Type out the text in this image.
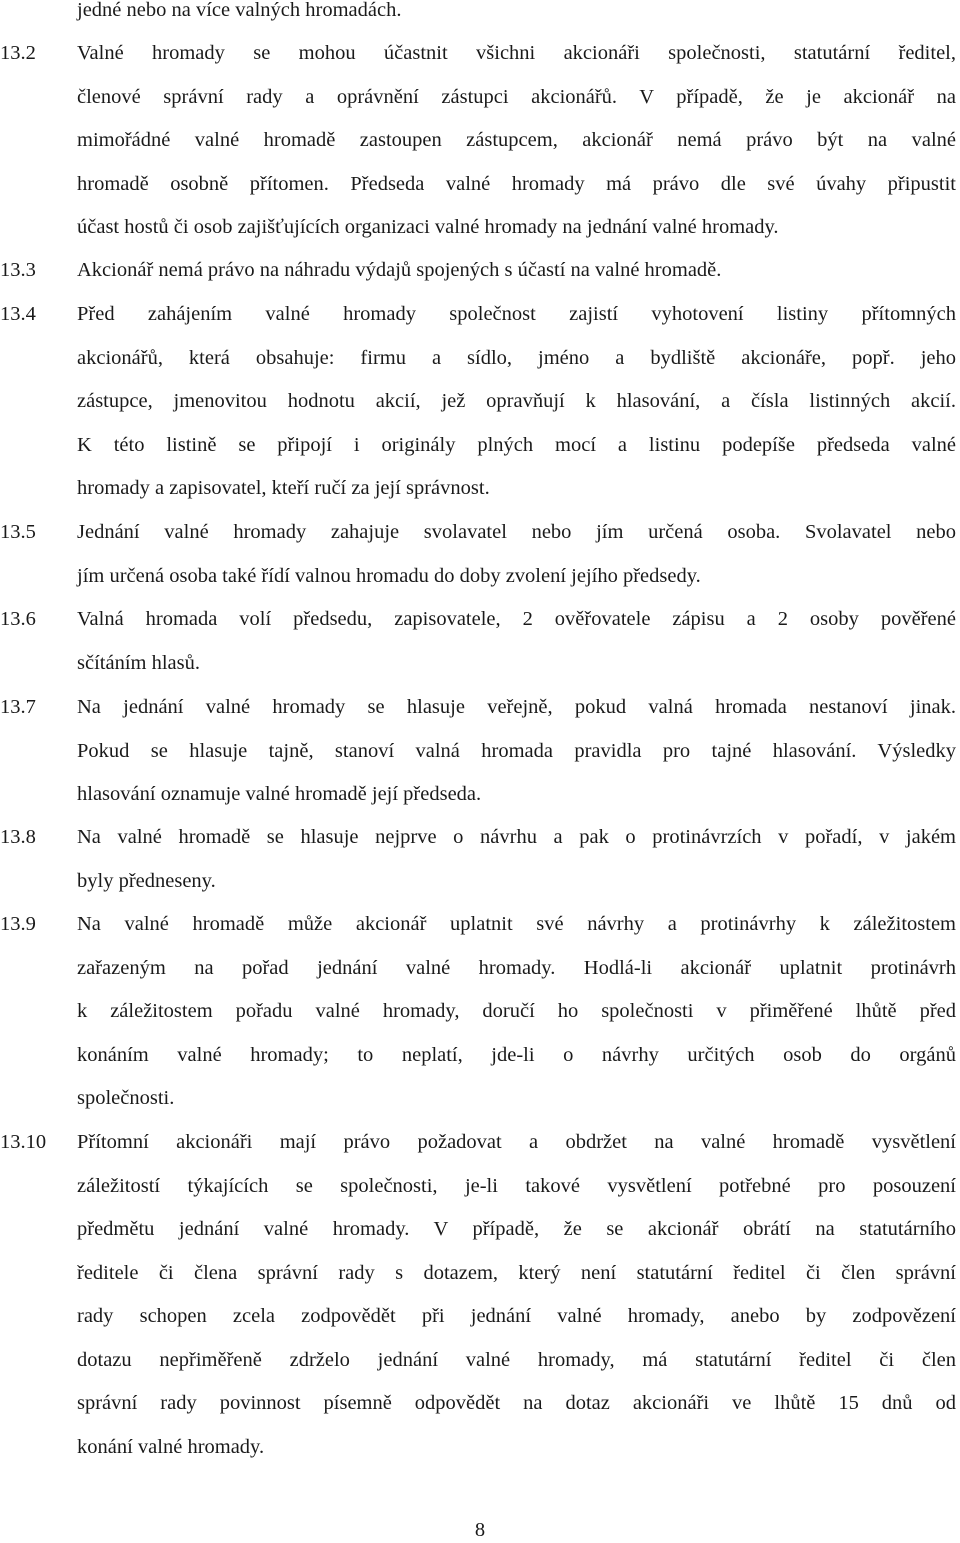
jedné nebo na více valných hromadách.
13.2 Valné hromady se mohou účastnit všichni akcionáři společnosti, statutární ředitel,
členové správní rady a oprávnění zástupci akcionářů. V případě, že je akcionář na
mimořádné valné hromadě zastoupen zástupcem, akcionář nemá právo být na valné
hromadě osobně přítomen. Předseda valné hromady má právo dle své úvahy připustit
účast hostů či osob zajišťujících organizaci valné hromady na jednání valné hromady.
13.3 Akcionář nemá právo na náhradu výdajů spojených s účastí na valné hromadě.
13.4 Před zahájením valné hromady společnost zajistí vyhotovení listiny přítomných
akcionářů, která obsahuje: firmu a sídlo, jméno a bydliště akcionáře, popř. jeho
zástupce, jmenovitou hodnotu akcií, jež opravňují k hlasování, a čísla listinných akcií.
K této listině se připojí i originály plných mocí a listinu podepíše předseda valné
hromady a zapisovatel, kteří ručí za její správnost.
13.5 Jednání valné hromady zahajuje svolavatel nebo jím určená osoba. Svolavatel nebo
jím určená osoba také řídí valnou hromadu do doby zvolení jejího předsedy.
13.6 Valná hromada volí předsedu, zapisovatele, 2 ověřovatele zápisu a 2 osoby pověřené
sčítáním hlasů.
13.7 Na jednání valné hromady se hlasuje veřejně, pokud valná hromada nestanoví jinak.
Pokud se hlasuje tajně, stanoví valná hromada pravidla pro tajné hlasování. Výsledky
hlasování oznamuje valné hromadě její předseda.
13.8 Na valné hromadě se hlasuje nejprve o návrhu a pak o protinávrzích v pořadí, v jakém
byly předneseny.
13.9 Na valné hromadě může akcionář uplatnit své návrhy a protinávrhy k záležitostem
zařazeným na pořad jednání valné hromady. Hodlá-li akcionář uplatnit protinávrh
k záležitostem pořadu valné hromady, doručí ho společnosti v přiměřené lhůtě před
konáním valné hromady; to neplatí, jde-li o návrhy určitých osob do orgánů
společnosti.
13.10 Přítomní akcionáři mají právo požadovat a obdržet na valné hromadě vysvětlení
záležitostí týkajících se společnosti, je-li takové vysvětlení potřebné pro posouzení
předmětu jednání valné hromady. V případě, že se akcionář obrátí na statutárního
ředitele či člena správní rady s dotazem, který není statutární ředitel či člen správní
rady schopen zcela zodpovědět při jednání valné hromady, anebo by zodpovězení
dotazu nepřiměřeně zdrželo jednání valné hromady, má statutární ředitel či člen
správní rady povinnost písemně odpovědět na dotaz akcionáři ve lhůtě 15 dnů od
konání valné hromady.
8
